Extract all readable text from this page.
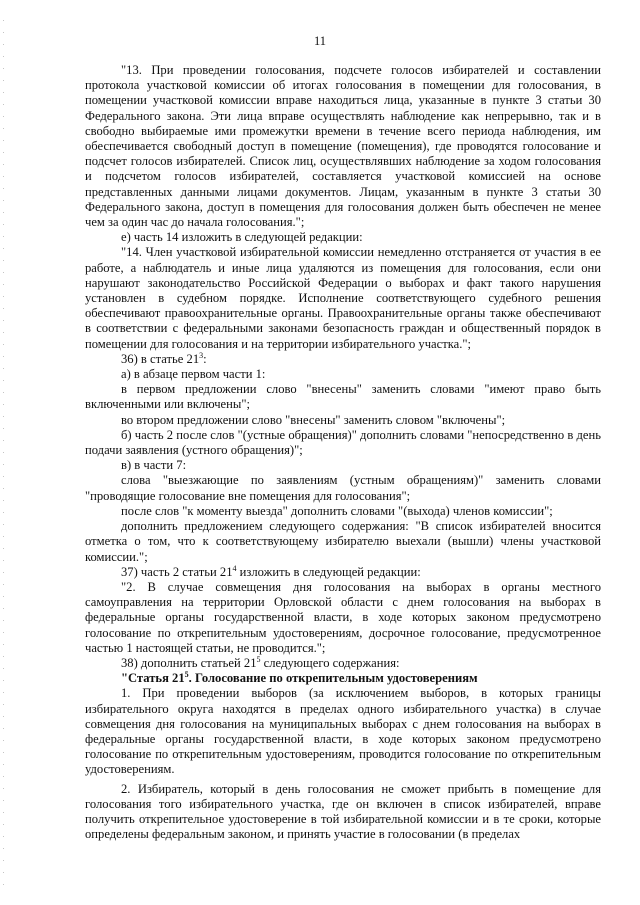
11

"13. При проведении голосования, подсчете голосов избирателей и составлении протокола участковой комиссии об итогах голосования в помещении для голосования, в помещении участковой комиссии вправе находиться лица, указанные в пункте 3 статьи 30 Федерального закона. Эти лица вправе осуществлять наблюдение как непрерывно, так и в свободно выбираемые ими промежутки времени в течение всего периода наблюдения, им обеспечивается свободный доступ в помещение (помещения), где проводятся голосование и подсчет голосов избирателей. Список лиц, осуществлявших наблюдение за ходом голосования и подсчетом голосов избирателей, составляется участковой комиссией на основе представленных данными лицами документов. Лицам, указанным в пункте 3 статьи 30 Федерального закона, доступ в помещения для голосования должен быть обеспечен не менее чем за один час до начала голосования.";

е) часть 14 изложить в следующей редакции:

"14. Член участковой избирательной комиссии немедленно отстраняется от участия в ее работе, а наблюдатель и иные лица удаляются из помещения для голосования, если они нарушают законодательство Российской Федерации о выборах и факт такого нарушения установлен в судебном порядке. Исполнение соответствующего судебного решения обеспечивают правоохранительные органы. Правоохранительные органы также обеспечивают в соответствии с федеральными законами безопасность граждан и общественный порядок в помещении для голосования и на территории избирательного участка.";

36) в статье $21^3$:

а) в абзаце первом части 1:

в первом предложении слово "внесены" заменить словами "имеют право быть включенными или включены";

во втором предложении слово "внесены" заменить словом "включены";

б) часть 2 после слов "(устные обращения)" дополнить словами "непосредственно в день подачи заявления (устного обращения)";

в) в части 7:

слова "выезжающие по заявлениям (устным обращениям)" заменить словами "проводящие голосование вне помещения для голосования";

после слов "к моменту выезда" дополнить словами "(выхода) членов комиссии";

дополнить предложением следующего содержания: "В список избирателей вносится отметка о том, что к соответствующему избирателю выехали (вышли) члены участковой комиссии.";

37) часть 2 статьи $21^4$ изложить в следующей редакции:

"2. В случае совмещения дня голосования на выборах в органы местного самоуправления на территории Орловской области с днем голосования на выборах в федеральные органы государственной власти, в ходе которых законом предусмотрено голосование по открепительным удостоверениям, досрочное голосование, предусмотренное частью 1 настоящей статьи, не проводится.";

38) дополнить статьей $21^5$ следующего содержания:

"Статья $21^5$. Голосование по открепительным удостоверениям

1. При проведении выборов (за исключением выборов, в которых границы избирательного округа находятся в пределах одного избирательного участка) в случае совмещения дня голосования на муниципальных выборах с днем голосования на выборах в федеральные органы государственной власти, в ходе которых законом предусмотрено голосование по открепительным удостоверениям, проводится голосование по открепительным удостоверениям.

2. Избиратель, который в день голосования не сможет прибыть в помещение для голосования того избирательного участка, где он включен в список избирателей, вправе получить открепительное удостоверение в той избирательной комиссии и в те сроки, которые определены федеральным законом, и принять участие в голосовании (в пределах
